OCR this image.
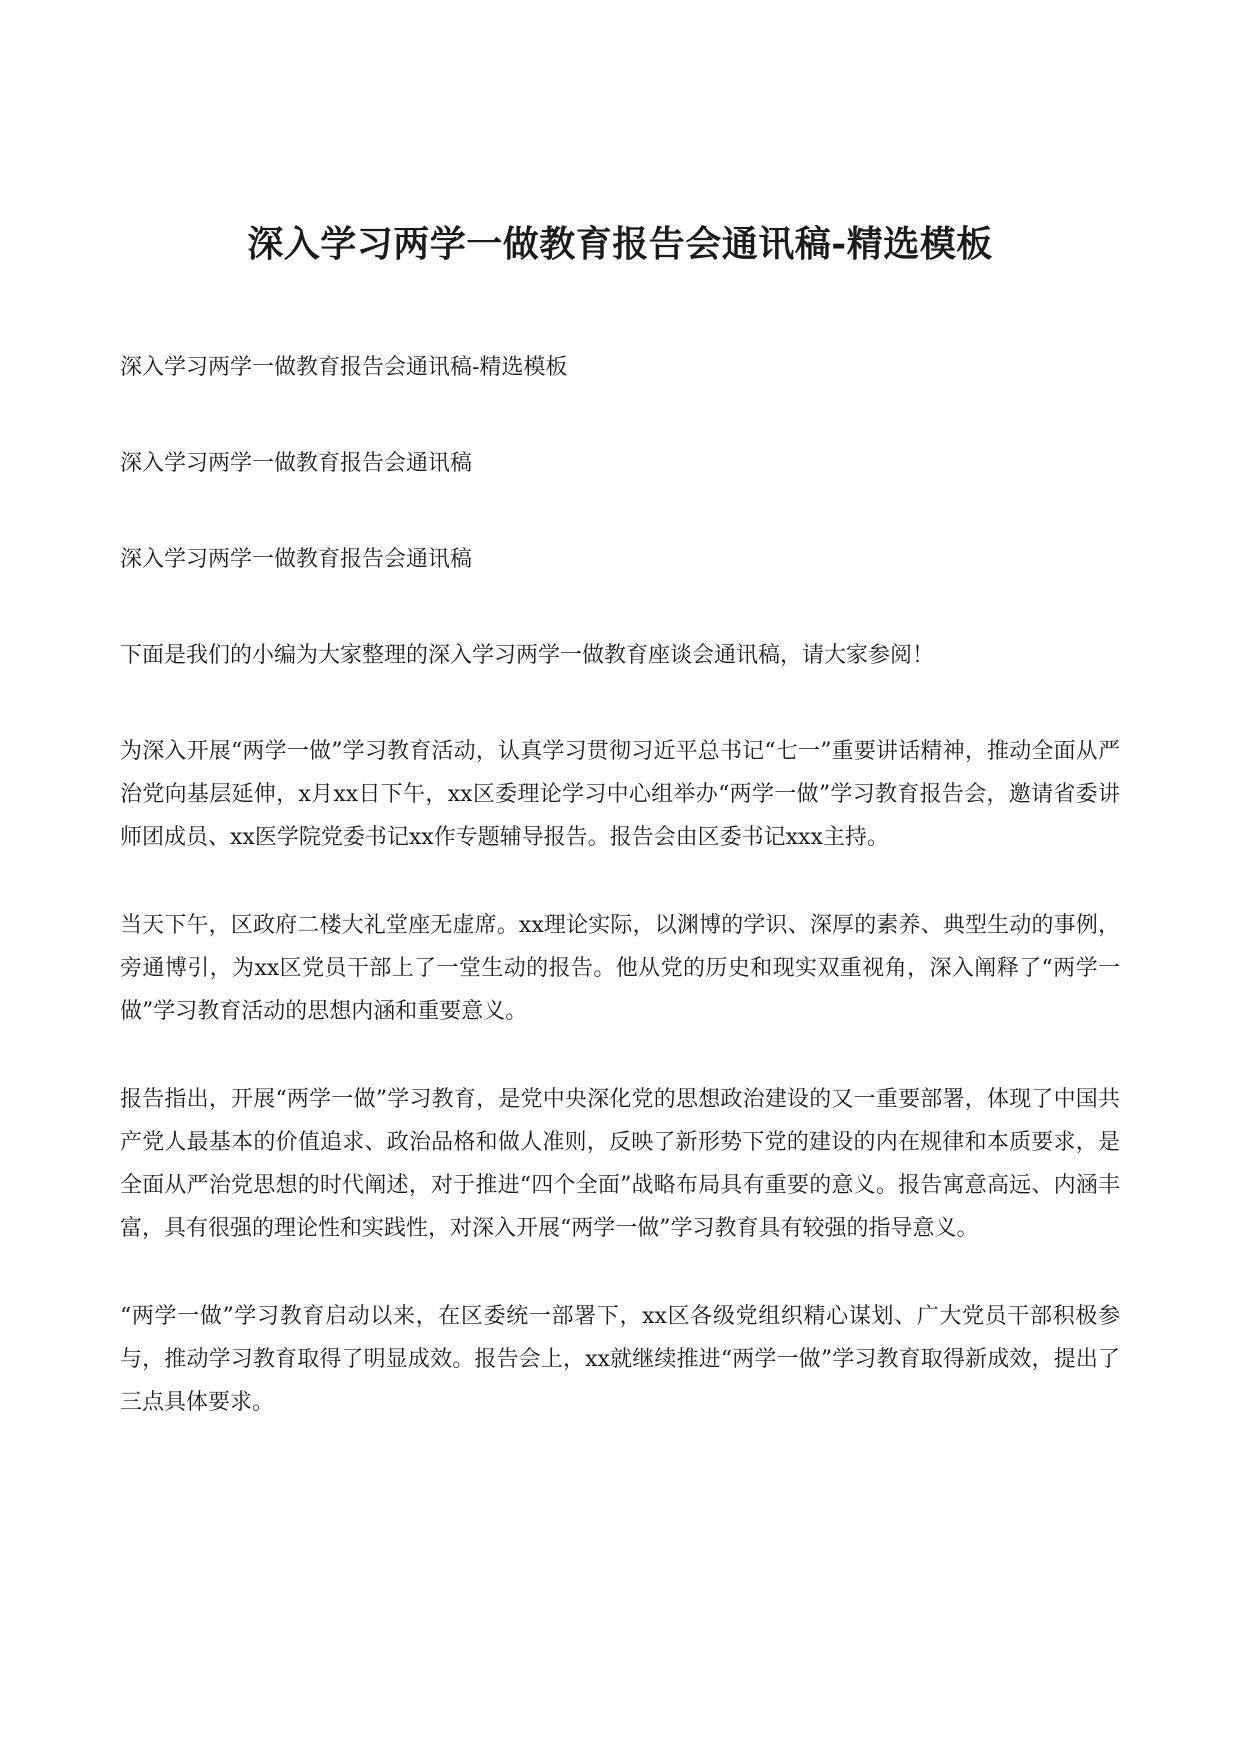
深入学习两学一做教育报告会通讯稿-精选模板

深入学习两学一做教育报告会通讯稿-精选模板

深入学习两学一做教育报告会通讯稿

深入学习两学一做教育报告会通讯稿

下面是我们的小编为大家整理的深入学习两学一做教育座谈会通讯稿，请大家参阅！

为深入开展“两学一做”学习教育活动，认真学习贯彻习近平总书记“七一”重要讲话精神，推动全面从严治党向基层延伸，x月xx日下午，xx区委理论学习中心组举办“两学一做”学习教育报告会，邀请省委讲师团成员、xx医学院党委书记xx作专题辅导报告。报告会由区委书记xxx主持。

当天下午，区政府二楼大礼堂座无虚席。xx理论实际，以渊博的学识、深厚的素养、典型生动的事例，旁通博引，为xx区党员干部上了一堂生动的报告。他从党的历史和现实双重视角，深入阐释了“两学一做”学习教育活动的思想内涵和重要意义。

报告指出，开展“两学一做”学习教育，是党中央深化党的思想政治建设的又一重要部署，体现了中国共产党人最基本的价值追求、政治品格和做人准则，反映了新形势下党的建设的内在规律和本质要求，是全面从严治党思想的时代阐述，对于推进“四个全面”战略布局具有重要的意义。报告寓意高远、内涵丰富，具有很强的理论性和实践性，对深入开展“两学一做”学习教育具有较强的指导意义。

“两学一做”学习教育启动以来，在区委统一部署下，xx区各级党组织精心谋划、广大党员干部积极参与，推动学习教育取得了明显成效。报告会上，xx就继续推进“两学一做”学习教育取得新成效，提出了三点具体要求。
